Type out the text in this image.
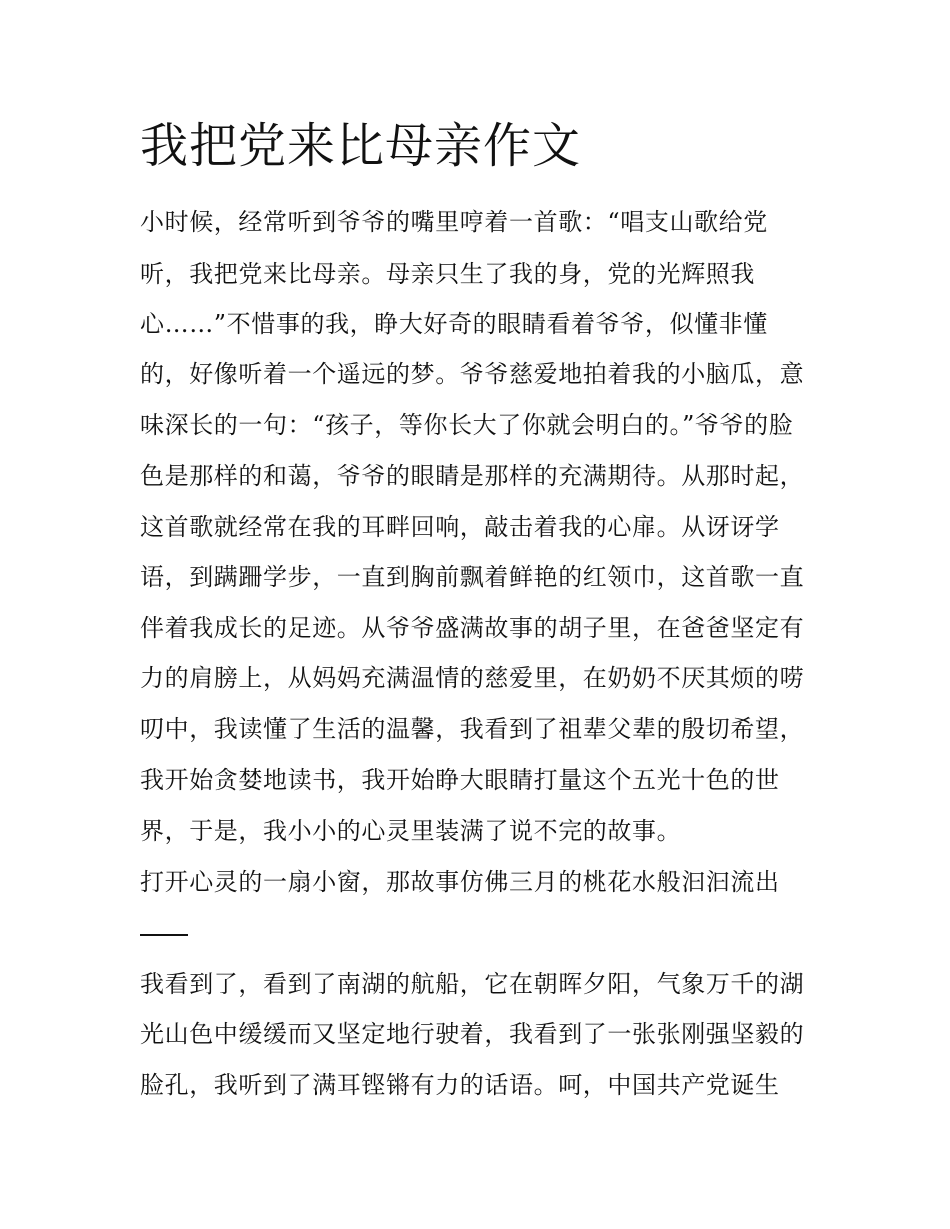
我把党来比母亲作文
小时候，经常听到爷爷的嘴里哼着一首歌：“唱支山歌给党
听，我把党来比母亲。母亲只生了我的身，党的光辉照我
心……”不惜事的我，睁大好奇的眼睛看着爷爷，似懂非懂
的，好像听着一个遥远的梦。爷爷慈爱地拍着我的小脑瓜，意
味深长的一句：“孩子，等你长大了你就会明白的。”爷爷的脸
色是那样的和蔼，爷爷的眼睛是那样的充满期待。从那时起，
这首歌就经常在我的耳畔回响，敲击着我的心扉。从讶讶学
语，到蹒跚学步，一直到胸前飘着鲜艳的红领巾，这首歌一直
伴着我成长的足迹。从爷爷盛满故事的胡子里，在爸爸坚定有
力的肩膀上，从妈妈充满温情的慈爱里，在奶奶不厌其烦的唠
叨中，我读懂了生活的温馨，我看到了祖辈父辈的殷切希望，
我开始贪婪地读书，我开始睁大眼睛打量这个五光十色的世
界，于是，我小小的心灵里装满了说不完的故事。
打开心灵的一扇小窗，那故事仿佛三月的桃花水般汩汩流出
我看到了，看到了南湖的航船，它在朝晖夕阳，气象万千的湖
光山色中缓缓而又坚定地行驶着，我看到了一张张刚强坚毅的
脸孔，我听到了满耳铿锵有力的话语。呵，中国共产党诞生
